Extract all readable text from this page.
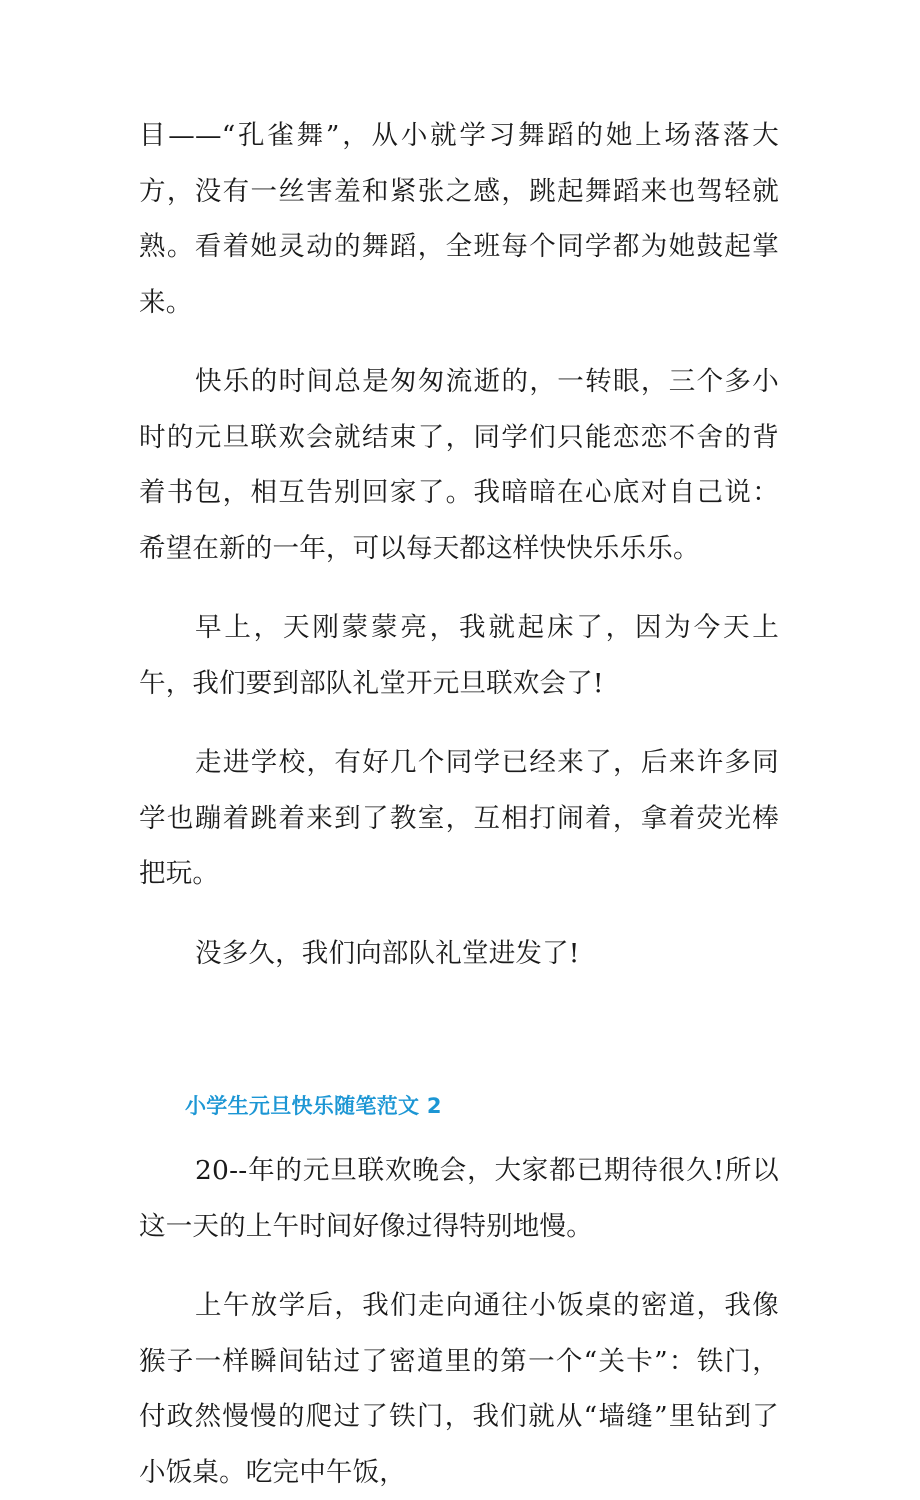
目——“孔雀舞”，从小就学习舞蹈的她上场落落大方，没有一丝害羞和紧张之感，跳起舞蹈来也驾轻就熟。看着她灵动的舞蹈，全班每个同学都为她鼓起掌来。

快乐的时间总是匆匆流逝的，一转眼，三个多小时的元旦联欢会就结束了，同学们只能恋恋不舍的背着书包，相互告别回家了。我暗暗在心底对自己说：希望在新的一年，可以每天都这样快快乐乐乐。

早上，天刚蒙蒙亮，我就起床了，因为今天上午，我们要到部队礼堂开元旦联欢会了!

走进学校，有好几个同学已经来了，后来许多同学也蹦着跳着来到了教室，互相打闹着，拿着荧光棒把玩。

没多久，我们向部队礼堂进发了!

小学生元旦快乐随笔范文 2

20--年的元旦联欢晚会，大家都已期待很久!所以这一天的上午时间好像过得特别地慢。

上午放学后，我们走向通往小饭桌的密道，我像猴子一样瞬间钻过了密道里的第一个“关卡”：铁门，付政然慢慢的爬过了铁门，我们就从“墙缝”里钻到了小饭桌。吃完中午饭，
